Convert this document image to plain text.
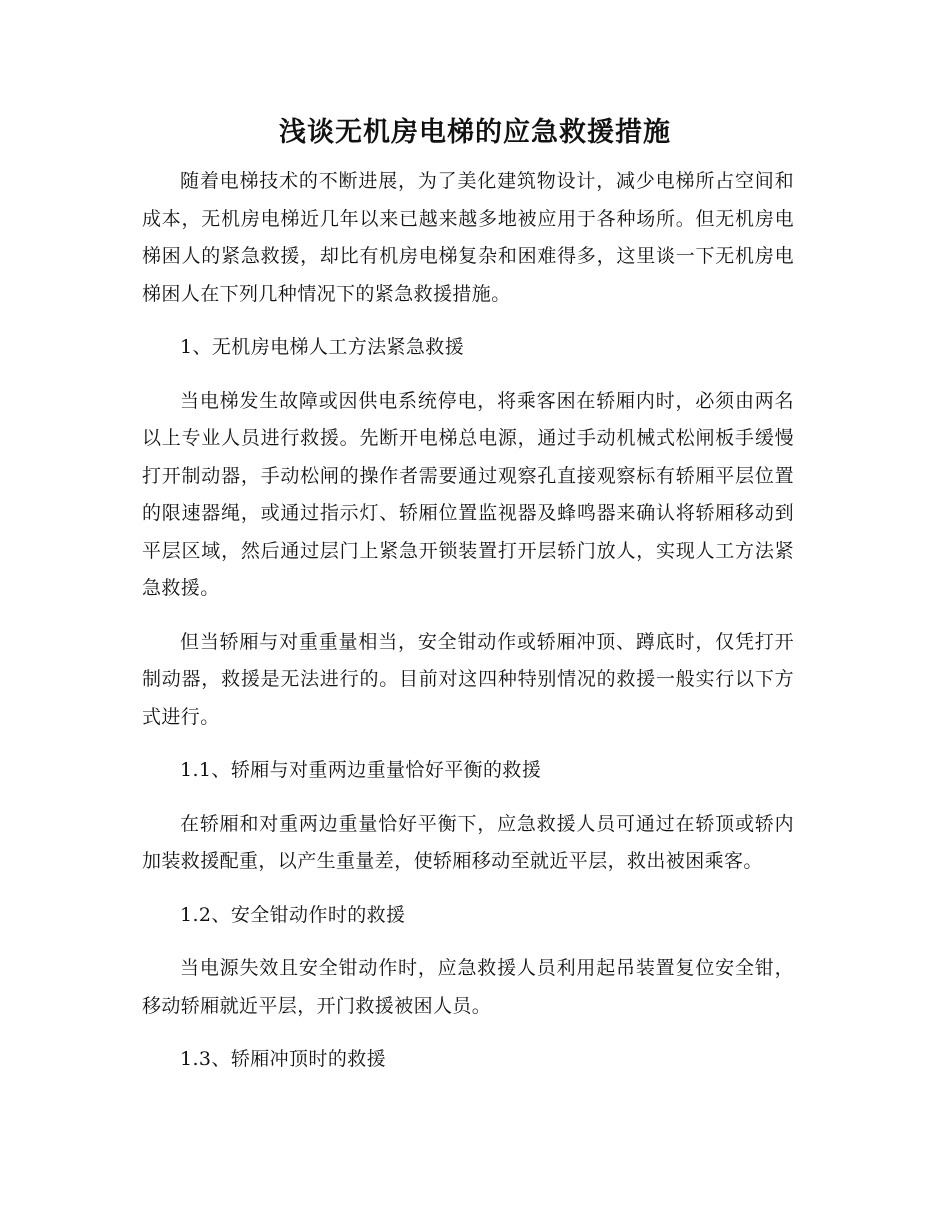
浅谈无机房电梯的应急救援措施

随着电梯技术的不断进展，为了美化建筑物设计，减少电梯所占空间和成本，无机房电梯近几年以来已越来越多地被应用于各种场所。但无机房电梯困人的紧急救援，却比有机房电梯复杂和困难得多，这里谈一下无机房电梯困人在下列几种情况下的紧急救援措施。

1、无机房电梯人工方法紧急救援

当电梯发生故障或因供电系统停电，将乘客困在轿厢内时，必须由两名以上专业人员进行救援。先断开电梯总电源，通过手动机械式松闸板手缓慢打开制动器，手动松闸的操作者需要通过观察孔直接观察标有轿厢平层位置的限速器绳，或通过指示灯、轿厢位置监视器及蜂鸣器来确认将轿厢移动到平层区域，然后通过层门上紧急开锁装置打开层轿门放人，实现人工方法紧急救援。

但当轿厢与对重重量相当，安全钳动作或轿厢冲顶、蹲底时，仅凭打开制动器，救援是无法进行的。目前对这四种特别情况的救援一般实行以下方式进行。

1.1、轿厢与对重两边重量恰好平衡的救援

在轿厢和对重两边重量恰好平衡下，应急救援人员可通过在轿顶或轿内加装救援配重，以产生重量差，使轿厢移动至就近平层，救出被困乘客。

1.2、安全钳动作时的救援

当电源失效且安全钳动作时，应急救援人员利用起吊装置复位安全钳，移动轿厢就近平层，开门救援被困人员。

1.3、轿厢冲顶时的救援
